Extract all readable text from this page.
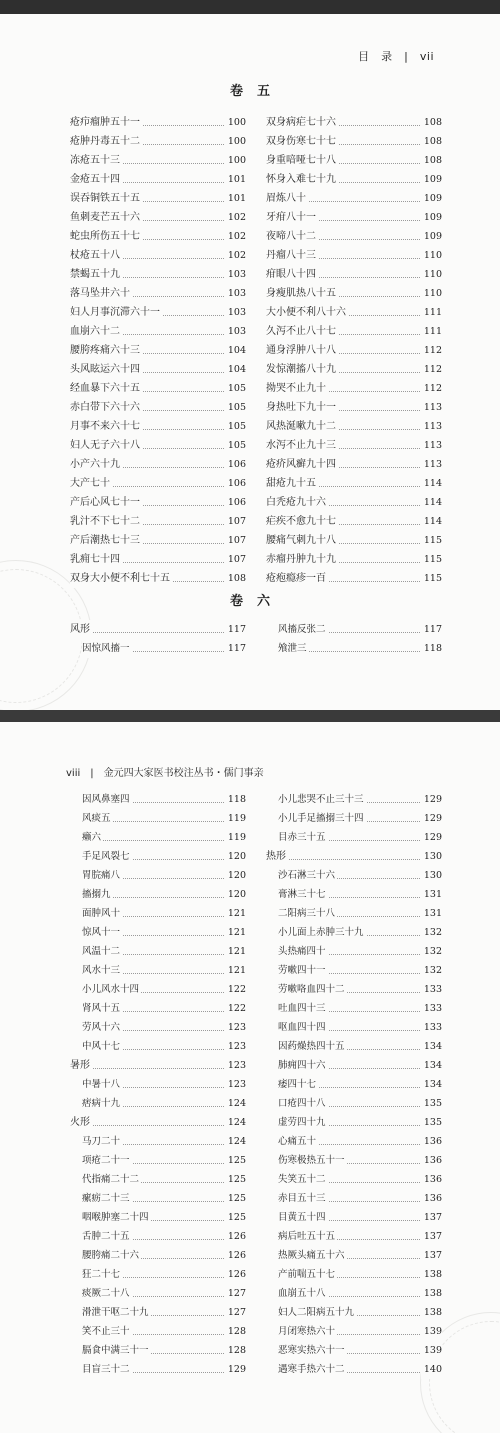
目　录　|　vii
卷五
疮疖瘤肿五十一	100
疮肿丹毒五十二	100
冻疮五十三	100
金疮五十四	101
误吞铜铁五十五	101
鱼刺麦芒五十六	102
蛇虫所伤五十七	102
杖疮五十八	102
禁蝎五十九	103
落马坠井六十	103
妇人月事沉滞六十一	103
血崩六十二	103
腰胯疼痛六十三	104
头风眩运六十四	104
经血暴下六十五	105
赤白带下六十六	105
月事不来六十七	105
妇人无子六十八	105
小产六十九	106
大产七十	106
产后心风七十一	106
乳汁不下七十二	107
产后潮热七十三	107
乳痈七十四	107
双身大小便不利七十五	108
双身病疟七十六	108
双身伤寒七十七	108
身重喑哑七十八	108
怀身入难七十九	109
眉炼八十	109
牙疳八十一	109
夜啼八十二	109
丹瘤八十三	110
疳眼八十四	110
身瘦肌热八十五	110
大小便不利八十六	111
久泻不止八十七	111
通身浮肿八十八	112
发惊潮搐八十九	112
拗哭不止九十	112
身热吐下九十一	113
风热涎嗽九十二	113
水泻不止九十三	113
疮疥风癣九十四	113
甜疮九十五	114
白秃疮九十六	114
疟疾不愈九十七	114
腰痛气刺九十八	115
赤瘤丹肿九十九	115
疮疱瘾疹一百	115
卷六
风形	117
因惊风搐一	117
风搐反张二	117
飧泄三	118
viii　|　金元四大家医书校注丛书・儒门事亲
因风鼻塞四	118
风痰五	119
癞六	119
手足风裂七	120
胃脘痛八	120
搐搦九	120
面肿风十	121
惊风十一	121
风温十二	121
风水十三	121
小儿风水十四	122
肾风十五	122
劳风十六	123
中风十七	123
暑形	123
中暑十八	123
痞病十九	124
火形	124
马刀二十	124
项疮二十一	125
代指痛二十二	125
瘰疬二十三	125
咽喉肿塞二十四	125
舌肿二十五	126
腰胯痛二十六	126
狂二十七	126
痰厥二十八	127
滑泄干呕二十九	127
笑不止三十	128
膈食中满三十一	128
目盲三十二	129
小儿悲哭不止三十三	129
小儿手足搐搦三十四	129
目赤三十五	129
热形	130
沙石淋三十六	130
膏淋三十七	131
二阳病三十八	131
小儿面上赤肿三十九	132
头热痛四十	132
劳嗽四十一	132
劳嗽咯血四十二	133
吐血四十三	133
呕血四十四	133
因药燥热四十五	134
肺痈四十六	134
痿四十七	134
口疮四十八	135
虚劳四十九	135
心痛五十	136
伤寒极热五十一	136
失笑五十二	136
赤目五十三	136
目黄五十四	137
病后吐五十五	137
热厥头痛五十六	137
产前喘五十七	138
血崩五十八	138
妇人二阳病五十九	138
月闭寒热六十	139
恶寒实热六十一	139
遇寒手热六十二	140
